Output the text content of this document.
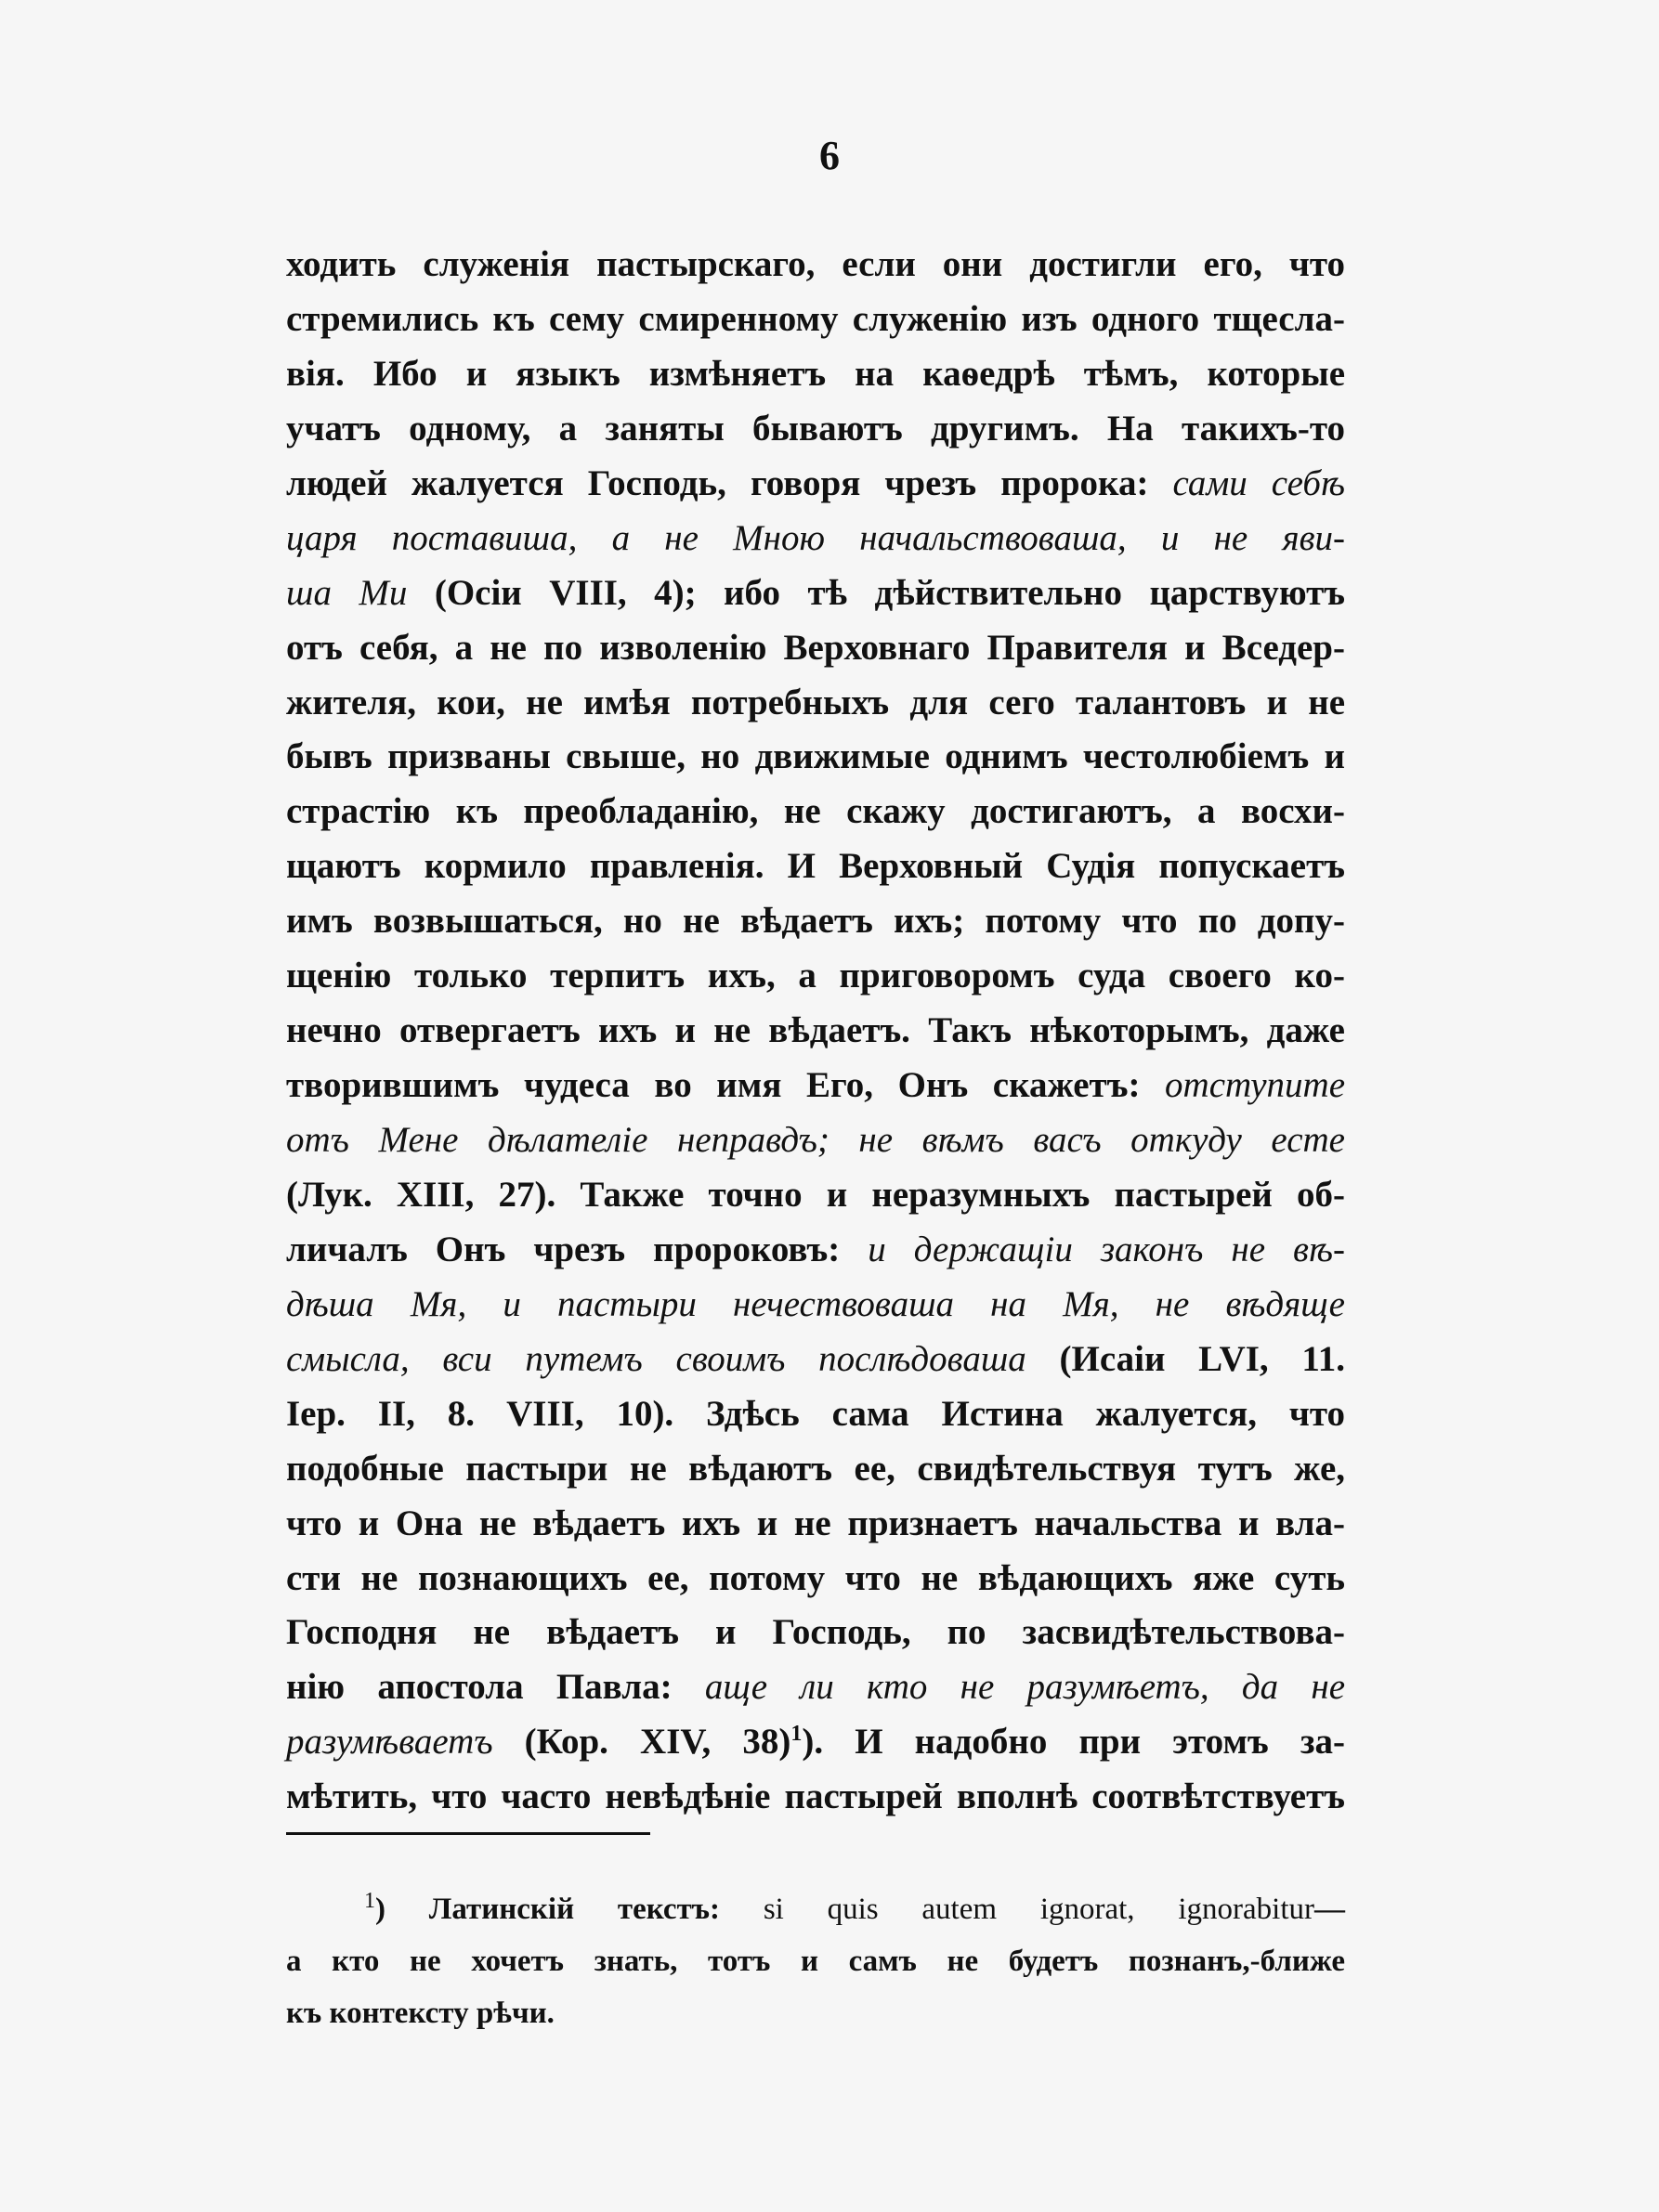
6
ходить служенія пастырскаго, если они достигли его, что
стремились къ сему смиренному служенію изъ одного тщесла-
вія. Ибо и языкъ измѣняетъ на каѳедрѣ тѣмъ, которые
учатъ одному, а заняты бываютъ другимъ. На такихъ-то
людей жалуется Господь, говоря чрезъ пророка: сами себѣ
царя поставиша, а не Мною начальствоваша, и не яви-
ша Ми (Осіи VIII, 4); ибо тѣ дѣйствительно царствуютъ
отъ себя, а не по изволенію Верховнаго Правителя и Вседер-
жителя, кои, не имѣя потребныхъ для сего талантовъ и не
бывъ призваны свыше, но движимые однимъ честолюбіемъ и
страстію къ преобладанію, не скажу достигаютъ, а восхи-
щаютъ кормило правленія. И Верховный Судія попускаетъ
имъ возвышаться, но не вѣдаетъ ихъ; потому что по допу-
щенію только терпитъ ихъ, а приговоромъ суда своего ко-
нечно отвергаетъ ихъ и не вѣдаетъ. Такъ нѣкоторымъ, даже
творившимъ чудеса во имя Его, Онъ скажетъ: отступите
отъ Мене дѣлателіе неправдъ; не вѣмъ васъ откуду есте
(Лук. XIII, 27). Также точно и неразумныхъ пастырей об-
личалъ Онъ чрезъ пророковъ: и держащіи законъ не вѣ-
дѣша Мя, и пастыри нечествоваша на Мя, не вѣдяще
смысла, вси путемъ своимъ послѣдоваша (Исаіи LVI, 11.
Іер. II, 8. VIII, 10). Здѣсь сама Истина жалуется, что
подобные пастыри не вѣдаютъ ее, свидѣтельствуя тутъ же,
что и Она не вѣдаетъ ихъ и не признаетъ начальства и вла-
сти не познающихъ ее, потому что не вѣдающихъ яже суть
Господня не вѣдаетъ и Господь, по засвидѣтельствова-
нію апостола Павла: аще ли кто не разумѣетъ, да не
разумѣваетъ (Кор. XIV, 38)$^1$). И надобно при этомъ за-
мѣтить, что часто невѣдѣніе пастырей вполнѣ соотвѣтствуетъ
$^1$) Латинскій текстъ: si quis autem ignorat, ignorabitur—
а кто не хочетъ знать, тотъ и самъ не будетъ познанъ,-ближе
къ контексту рѣчи.
